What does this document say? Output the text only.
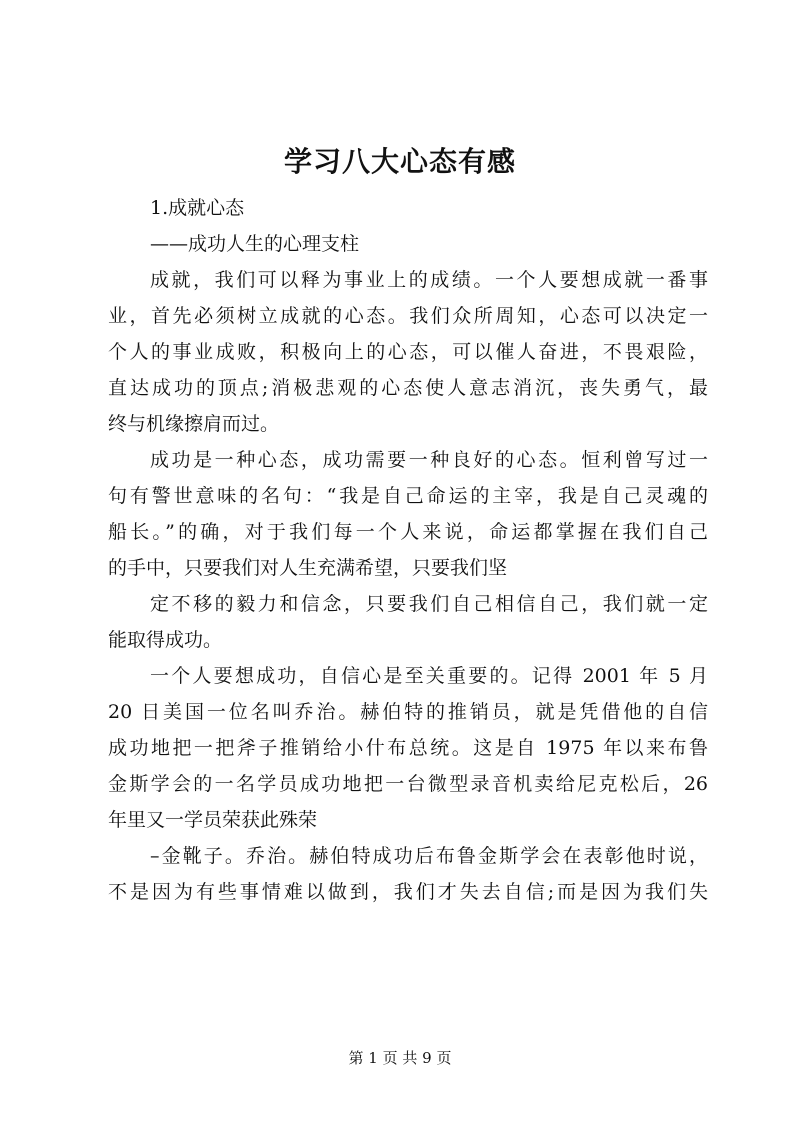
学习八大心态有感
1.成就心态
——成功人生的心理支柱
成就，我们可以释为事业上的成绩。一个人要想成就一番事
业，首先必须树立成就的心态。我们众所周知，心态可以决定一
个人的事业成败，积极向上的心态，可以催人奋进，不畏艰险，
直达成功的顶点;消极悲观的心态使人意志消沉，丧失勇气，最
终与机缘擦肩而过。
成功是一种心态，成功需要一种良好的心态。恒利曾写过一
句有警世意味的名句：“我是自己命运的主宰，我是自己灵魂的
船长。”的确，对于我们每一个人来说，命运都掌握在我们自己
的手中，只要我们对人生充满希望，只要我们坚
定不移的毅力和信念，只要我们自己相信自己，我们就一定
能取得成功。
一个人要想成功，自信心是至关重要的。记得 2001 年 5 月
20 日美国一位名叫乔治。赫伯特的推销员，就是凭借他的自信
成功地把一把斧子推销给小什布总统。这是自 1975 年以来布鲁
金斯学会的一名学员成功地把一台微型录音机卖给尼克松后，26
年里又一学员荣获此殊荣
–金靴子。乔治。赫伯特成功后布鲁金斯学会在表彰他时说，
不是因为有些事情难以做到，我们才失去自信;而是因为我们失
第 1 页 共 9 页
